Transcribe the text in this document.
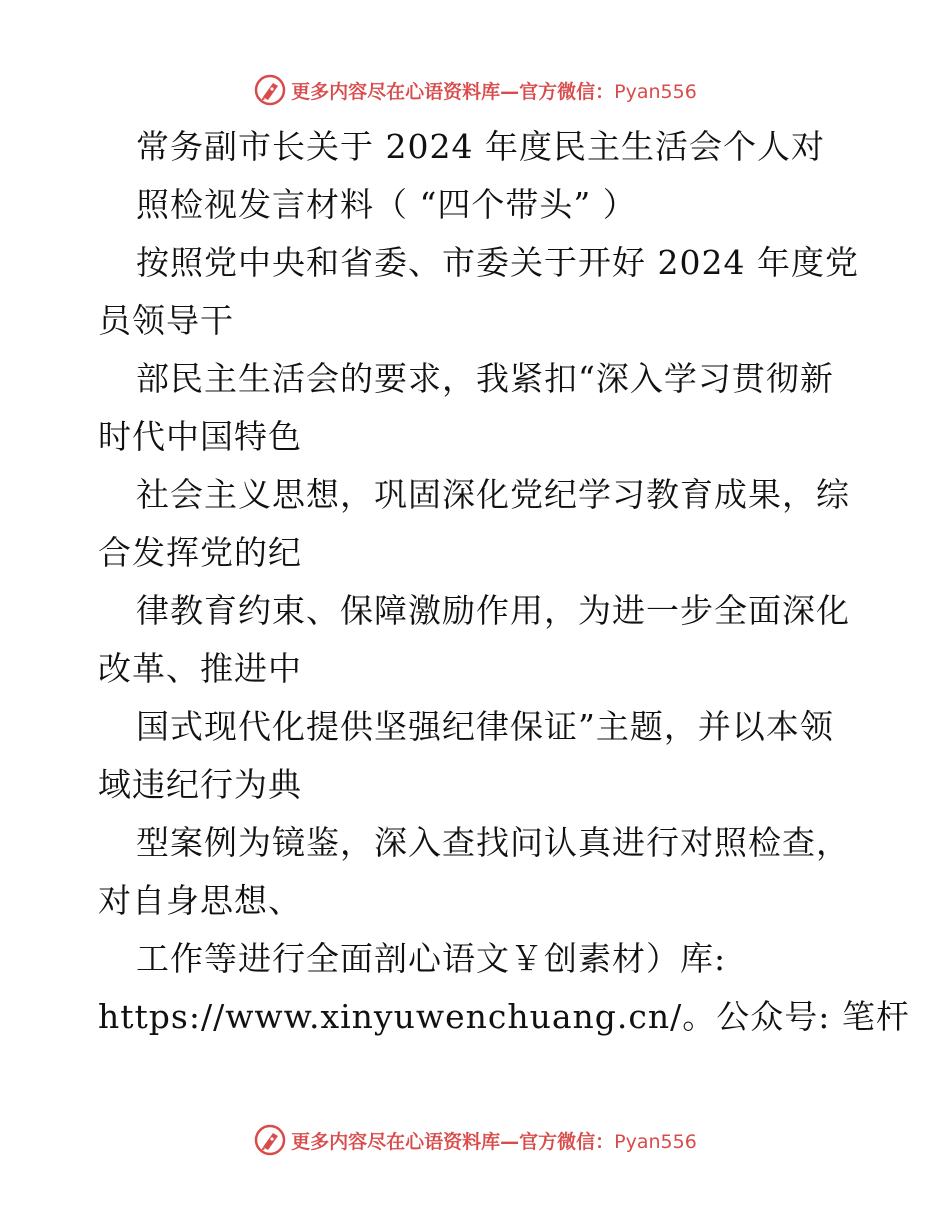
更多内容尽在心语资料库—官方微信：Pyan556
常务副市长关于 2024 年度民主生活会个人对
照检视发言材料（ “四个带头” ）
按照党中央和省委、市委关于开好 2024 年度党
员领导干
部民主生活会的要求，我紧扣“深入学习贯彻新
时代中国特色
社会主义思想，巩固深化党纪学习教育成果，综
合发挥党的纪
律教育约束、保障激励作用，为进一步全面深化
改革、推进中
国式现代化提供坚强纪律保证”主题，并以本领
域违纪行为典
型案例为镜鉴，深入查找问认真进行对照检查，
对自身思想、
工作等进行全面剖心语文￥创素材）库:
https://www.xinyuwenchuang.cn/。公众号: 笔杆
更多内容尽在心语资料库—官方微信：Pyan556
